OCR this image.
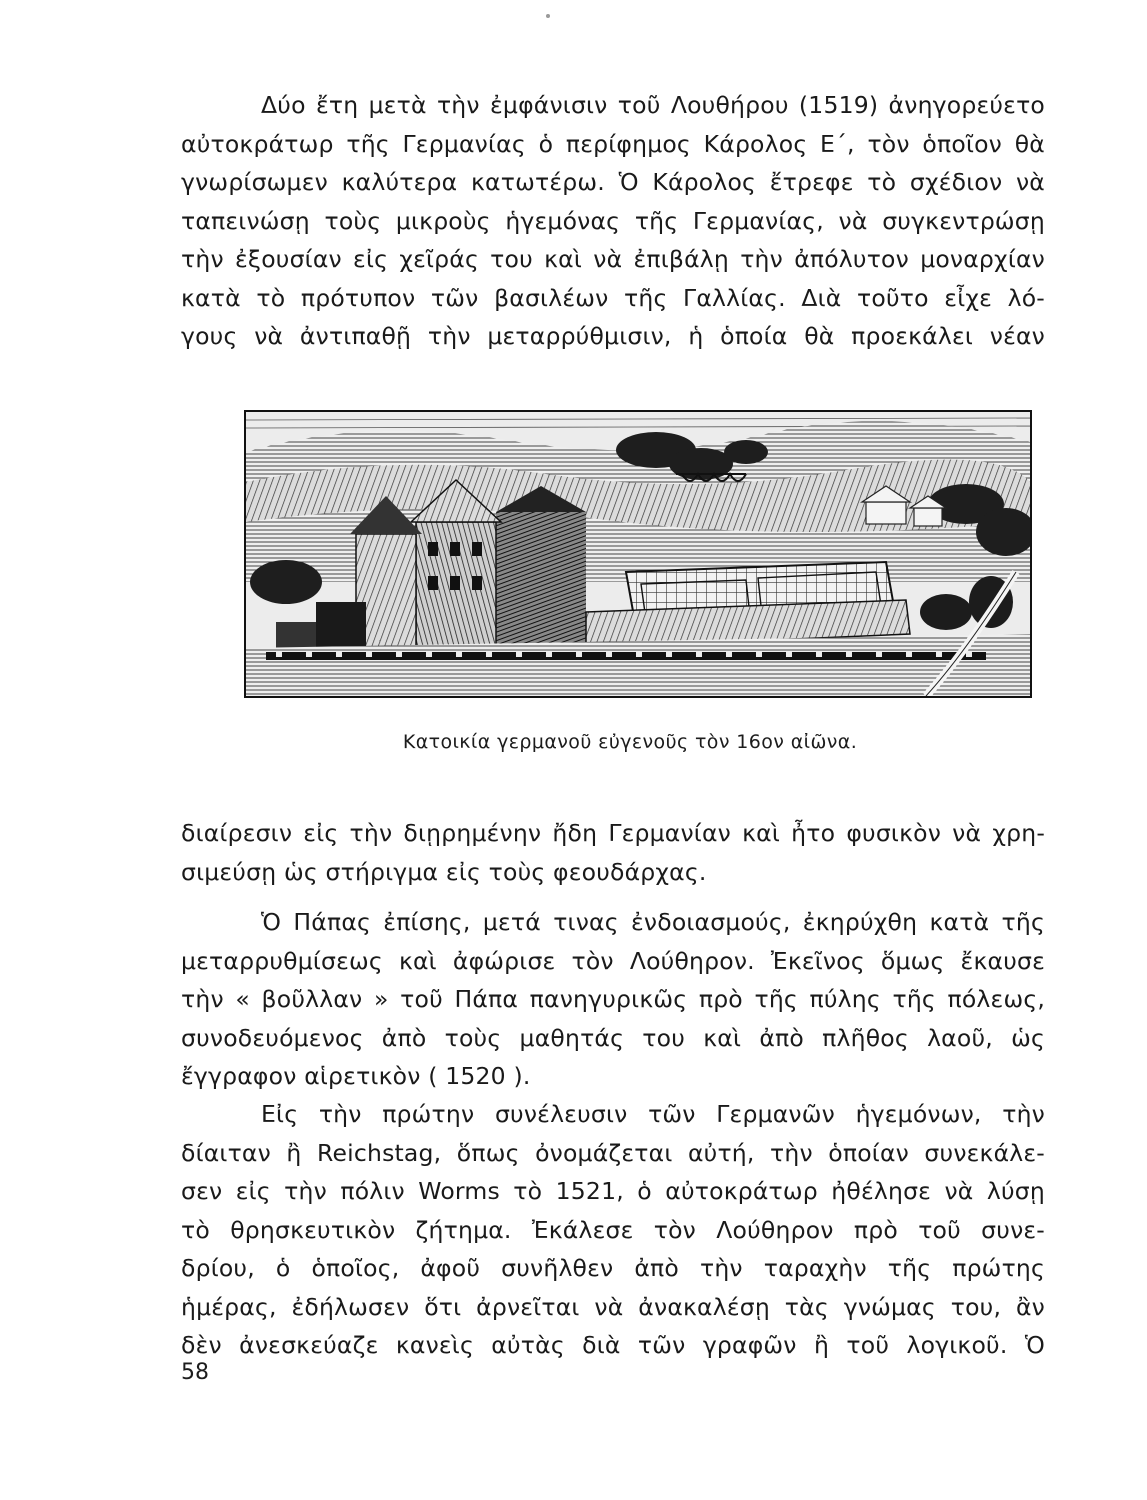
Δύο ἔτη μετὰ τὴν ἐμφάνισιν τοῦ Λουθήρου (1519) ἀνηγορεύετο
αὐτοκράτωρ τῆς Γερμανίας ὁ περίφημος Κάρολος Ε΄, τὸν ὁποῖον θὰ
γνωρίσωμεν καλύτερα κατωτέρω. Ὁ Κάρολος ἔτρεφε τὸ σχέδιον νὰ
ταπεινώσῃ τοὺς μικροὺς ἡγεμόνας τῆς Γερμανίας, νὰ συγκεντρώσῃ
τὴν ἐξουσίαν εἰς χεῖράς του καὶ νὰ ἐπιβάλῃ τὴν ἀπόλυτον μοναρχίαν
κατὰ τὸ πρότυπον τῶν βασιλέων τῆς Γαλλίας. Διὰ τοῦτο εἶχε λό-
γους νὰ ἀντιπαθῇ τὴν μεταρρύθμισιν, ἡ ὁποία θὰ προεκάλει νέαν
Κατοικία γερμανοῦ εὐγενοῦς τὸν 16ον αἰῶνα.
διαίρεσιν εἰς τὴν διῃρημένην ἤδη Γερμανίαν καὶ ἦτο φυσικὸν νὰ χρη-
σιμεύσῃ ὡς στήριγμα εἰς τοὺς φεουδάρχας.
Ὁ Πάπας ἐπίσης, μετά τινας ἐνδοιασμούς, ἐκηρύχθη κατὰ τῆς
μεταρρυθμίσεως καὶ ἀφώρισε τὸν Λούθηρον. Ἐκεῖνος ὅμως ἔκαυσε
τὴν « βοῦλλαν » τοῦ Πάπα πανηγυρικῶς πρὸ τῆς πύλης τῆς πόλεως,
συνοδευόμενος ἀπὸ τοὺς μαθητάς του καὶ ἀπὸ πλῆθος λαοῦ, ὡς
ἔγγραφον αἱρετικὸν ( 1520 ).
Εἰς τὴν πρώτην συνέλευσιν τῶν Γερμανῶν ἡγεμόνων, τὴν
δίαιταν ἢ Reichstag, ὅπως ὀνομάζεται αὐτή, τὴν ὁποίαν συνεκάλε-
σεν εἰς τὴν πόλιν Worms τὸ 1521, ὁ αὐτοκράτωρ ἠθέλησε νὰ λύσῃ
τὸ θρησκευτικὸν ζήτημα. Ἐκάλεσε τὸν Λούθηρον πρὸ τοῦ συνε-
δρίου, ὁ ὁποῖος, ἀφοῦ συνῆλθεν ἀπὸ τὴν ταραχὴν τῆς πρώτης
ἡμέρας, ἐδήλωσεν ὅτι ἀρνεῖται νὰ ἀνακαλέσῃ τὰς γνώμας του, ἂν
δὲν ἀνεσκεύαζε κανεὶς αὐτὰς διὰ τῶν γραφῶν ἢ τοῦ λογικοῦ. Ὁ
58
